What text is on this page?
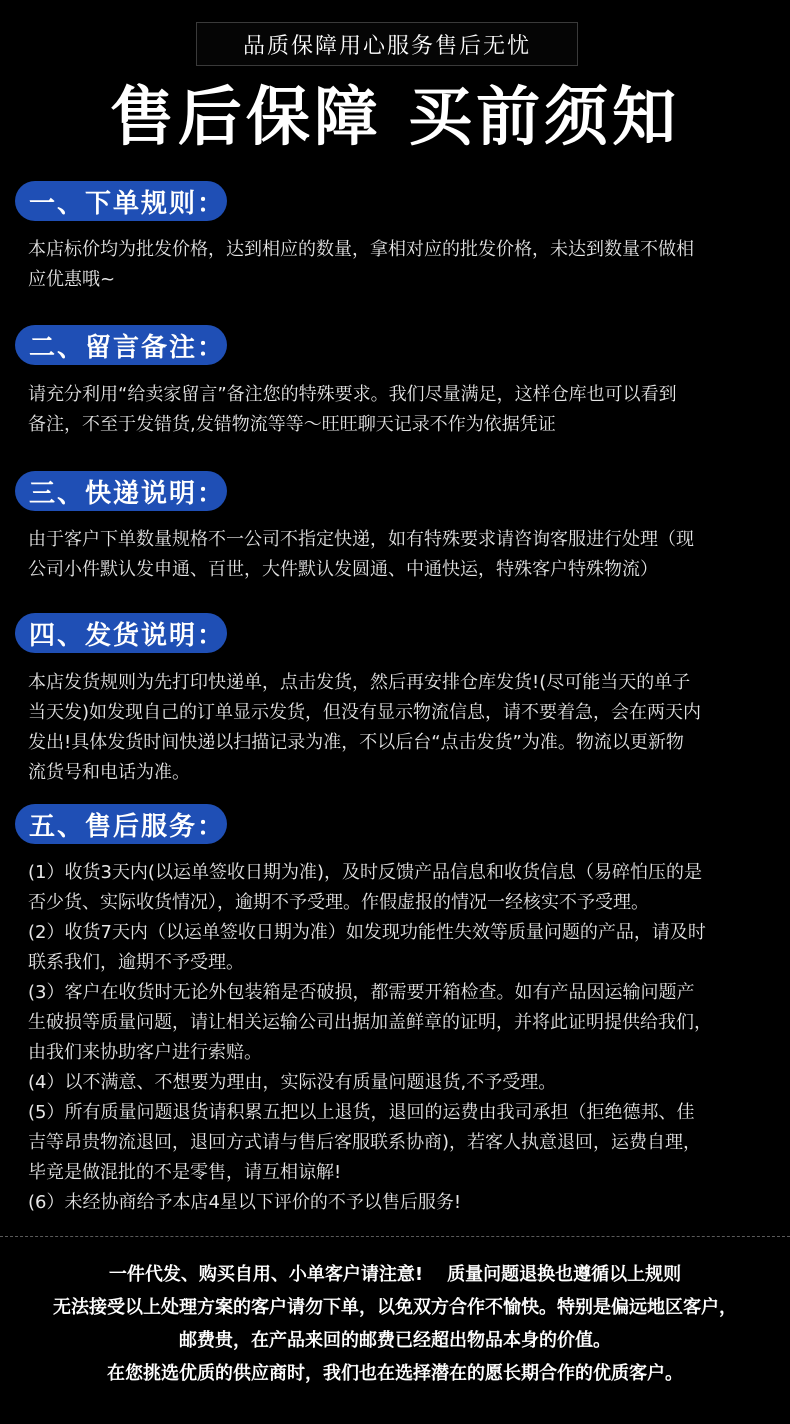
品质保障用心服务售后无忧
售后保障 买前须知
一、下单规则：

本店标价均为批发价格，达到相应的数量，拿相对应的批发价格，未达到数量不做相

应优惠哦~

二、留言备注：

请充分利用“给卖家留言”备注您的特殊要求。我们尽量满足，这样仓库也可以看到

备注，不至于发错货,发错物流等等～旺旺聊天记录不作为依据凭证

三、快递说明：

由于客户下单数量规格不一公司不指定快递，如有特殊要求请咨询客服进行处理（现

公司小件默认发申通、百世，大件默认发圆通、中通快运，特殊客户特殊物流）

四、发货说明：

本店发货规则为先打印快递单，点击发货，然后再安排仓库发货!(尽可能当天的单子

当天发)如发现自己的订单显示发货，但没有显示物流信息，请不要着急，会在两天内

发出!具体发货时间快递以扫描记录为准，不以后台“点击发货”为准。物流以更新物

流货号和电话为准。

五、售后服务：

(1）收货3天内(以运单签收日期为准)，及时反馈产品信息和收货信息（易碎怕压的是

否少货、实际收货情况），逾期不予受理。作假虚报的情况一经核实不予受理。

(2）收货7天内（以运单签收日期为准）如发现功能性失效等质量问题的产品，请及时

联系我们，逾期不予受理。

(3）客户在收货时无论外包装箱是否破损，都需要开箱检查。如有产品因运输问题产

生破损等质量问题，请让相关运输公司出据加盖鲜章的证明，并将此证明提供给我们，

由我们来协助客户进行索赔。

(4）以不满意、不想要为理由，实际没有质量问题退货,不予受理。

(5）所有质量问题退货请积累五把以上退货，退回的运费由我司承担（拒绝德邦、佳

吉等昂贵物流退回，退回方式请与售后客服联系协商)，若客人执意退回，运费自理，

毕竟是做混批的不是零售，请互相谅解!

(6）未经协商给予本店4星以下评价的不予以售后服务!

一件代发、购买自用、小单客户请注意! 质量问题退换也遵循以上规则

无法接受以上处理方案的客户请勿下单，以免双方合作不愉快。特别是偏远地区客户，

邮费贵，在产品来回的邮费已经超出物品本身的价值。

在您挑选优质的供应商时，我们也在选择潜在的愿长期合作的优质客户。
